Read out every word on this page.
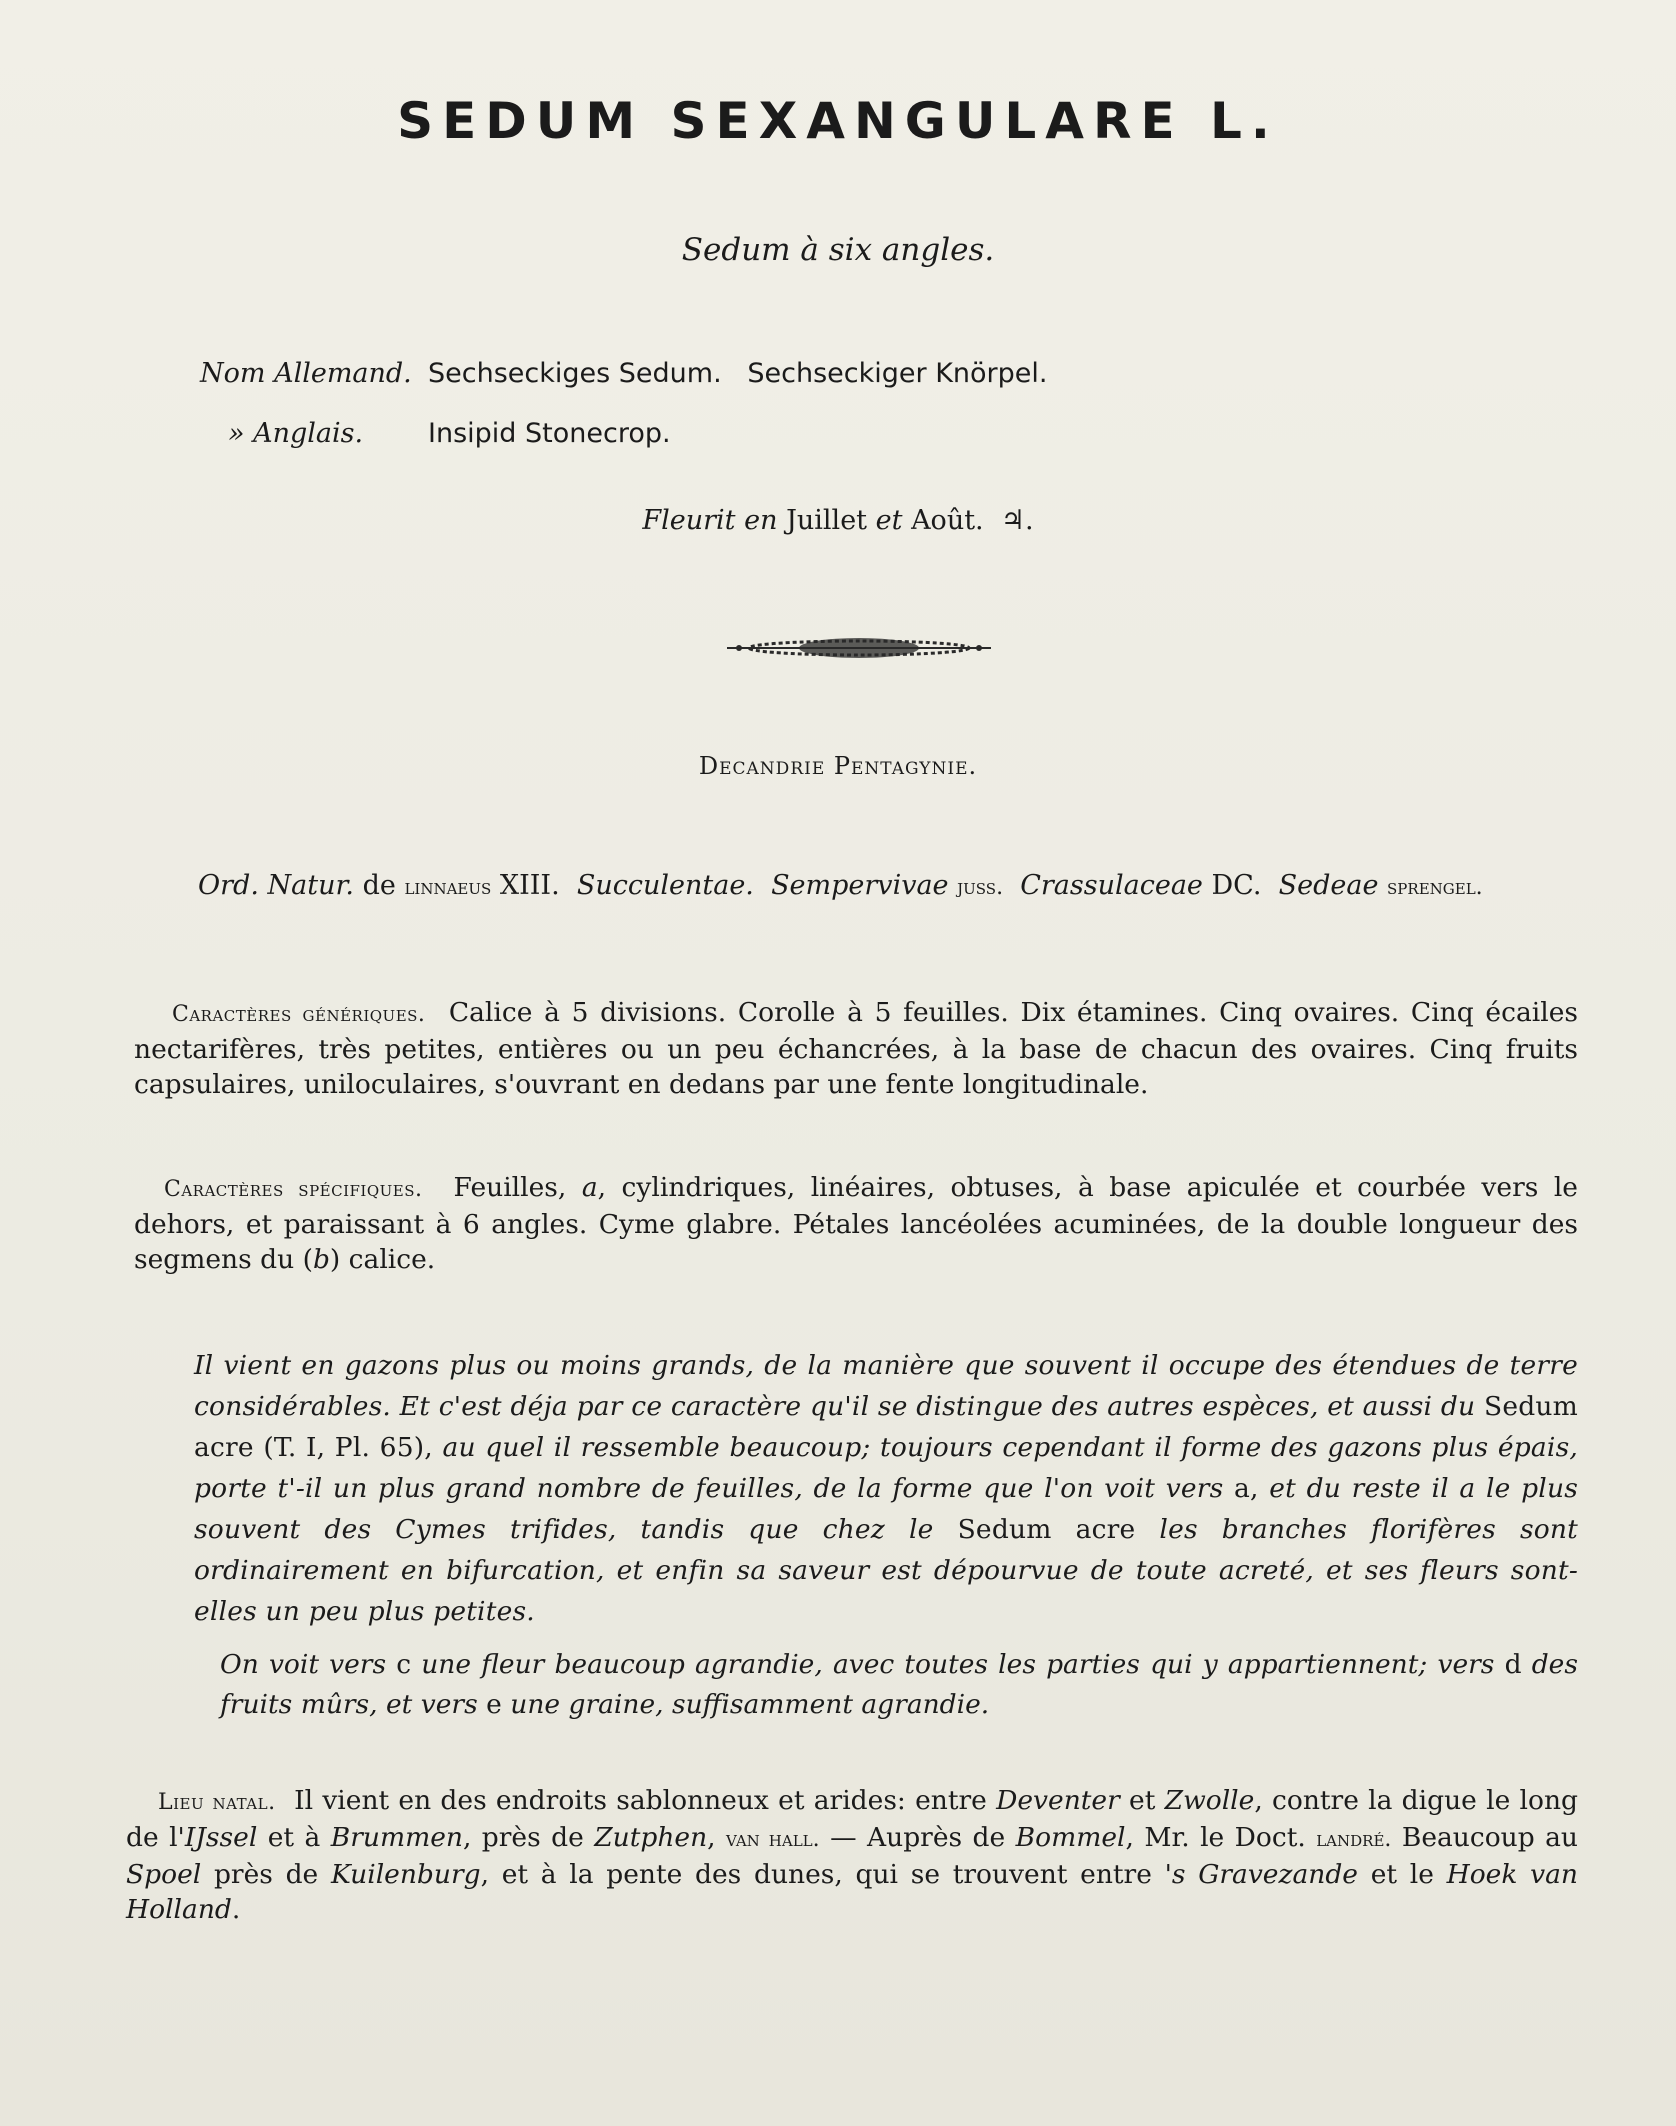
SEDUM SEXANGULARE L.
Sedum à six angles.
Nom Allemand. Sechseckiges Sedum.   Sechseckiger Knörpel.
» Anglais.	Insipid Stonecrop.
Fleurit en Juillet et Août. ♃.
Decandrie Pentagynie.
Ord. Natur. de linnaeus XIII. Succulentae. Sempervivae juss. Crassulaceae DC. Sedeae sprengel.
Caractères génériques. Calice à 5 divisions. Corolle à 5 feuilles. Dix étamines. Cinq ovaires. Cinq écailes nectarifères, très petites, entières ou un peu échancrées, à la base de chacun des ovaires. Cinq fruits capsulaires, uniloculaires, s'ouvrant en dedans par une fente longitudinale.
Caractères spécifiques. Feuilles, a, cylindriques, linéaires, obtuses, à base apiculée et courbée vers le dehors, et paraissant à 6 angles. Cyme glabre. Pétales lancéolées acuminées, de la double longueur des segmens du (b) calice.
Il vient en gazons plus ou moins grands, de la manière que souvent il occupe des étendues de terre considérables. Et c'est déja par ce caractère qu'il se distingue des autres espèces, et aussi du Sedum acre (T. I, Pl. 65), au quel il ressemble beaucoup; toujours cependant il forme des gazons plus épais, porte t'-il un plus grand nombre de feuilles, de la forme que l'on voit vers a, et du reste il a le plus souvent des Cymes trifides, tandis que chez le Sedum acre les branches florifères sont ordinairement en bifurcation, et enfin sa saveur est dépourvue de toute acreté, et ses fleurs sont-elles un peu plus petites.
On voit vers c une fleur beaucoup agrandie, avec toutes les parties qui y appartiennent; vers d des fruits mûrs, et vers e une graine, suffisamment agrandie.
Lieu natal. Il vient en des endroits sablonneux et arides: entre Deventer et Zwolle, contre la digue le long de l'IJssel et à Brummen, près de Zutphen, van hall. — Auprès de Bommel, Mr. le Doct. landré. Beaucoup au Spoel près de Kuilenburg, et à la pente des dunes, qui se trouvent entre 's Gravezande et le Hoek van Holland.
